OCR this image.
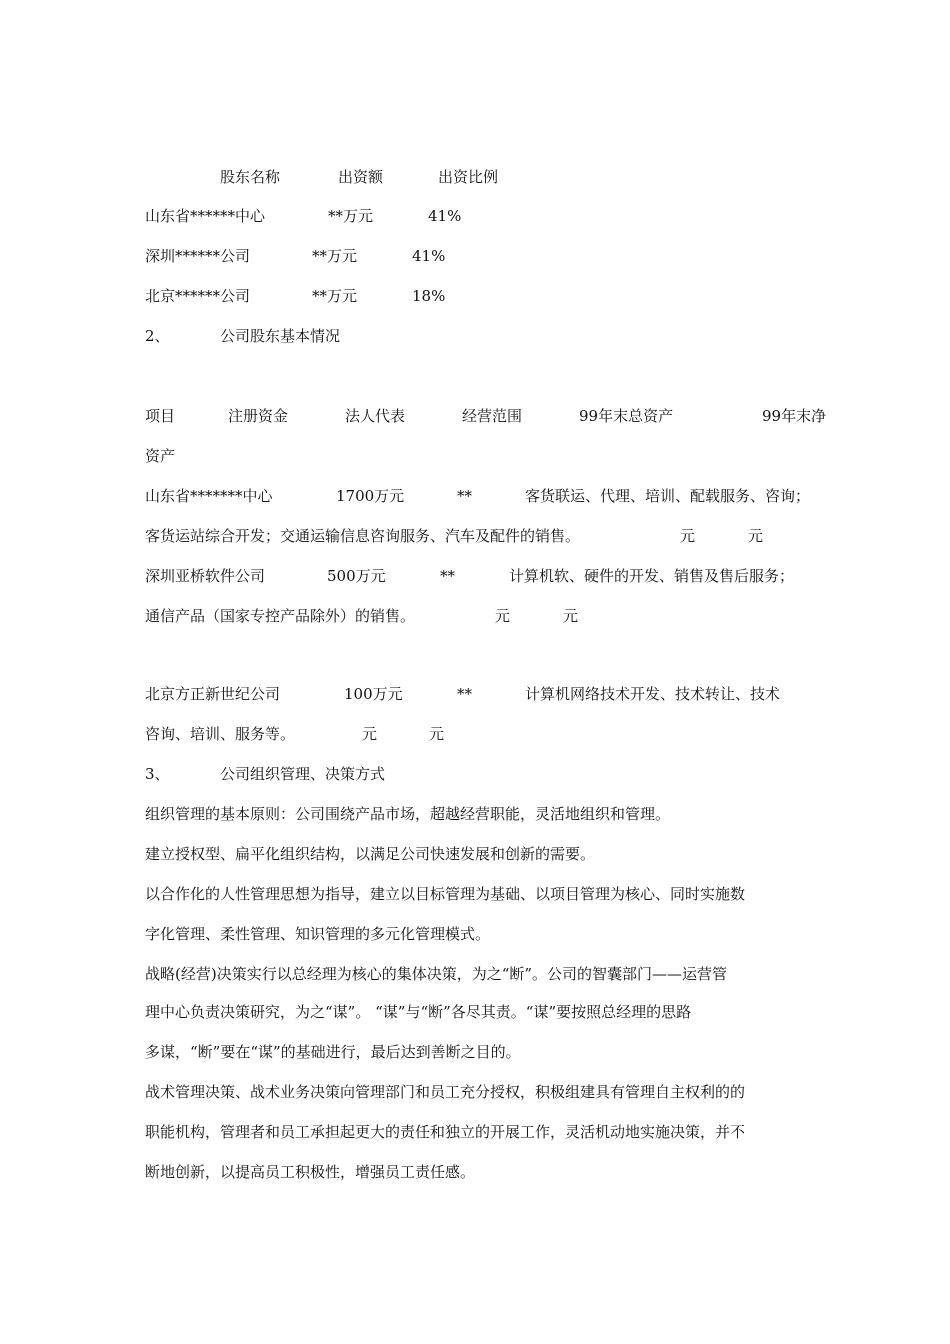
股东名称	出资额	出资比例
山东省******中心	**万元	41%
深圳******公司	**万元	41%
北京******公司	**万元	18%
2、	公司股东基本情况
项目	注册资金	法人代表	经营范围	99年末总资产	99年末净
资产
山东省*******中心	1700万元	**	客货联运、代理、培训、配载服务、咨询；
客货运站综合开发；交通运输信息咨询服务、汽车及配件的销售。	元	元
深圳亚桥软件公司	500万元	**	计算机软、硬件的开发、销售及售后服务；
通信产品（国家专控产品除外）的销售。	元	元
北京方正新世纪公司	100万元	**	计算机网络技术开发、技术转让、技术
咨询、培训、服务等。	元	元
3、	公司组织管理、决策方式
组织管理的基本原则：公司围绕产品市场，超越经营职能，灵活地组织和管理。
建立授权型、扁平化组织结构，以满足公司快速发展和创新的需要。
以合作化的人性管理思想为指导，建立以目标管理为基础、以项目管理为核心、同时实施数
字化管理、柔性管理、知识管理的多元化管理模式。
战略(经营)决策实行以总经理为核心的集体决策，为之“断”。公司的智囊部门——运营管
理中心负责决策研究，为之“谋”。 “谋”与“断”各尽其责。“谋”要按照总经理的思路
多谋，“断”要在“谋”的基础进行，最后达到善断之目的。
战术管理决策、战术业务决策向管理部门和员工充分授权，积极组建具有管理自主权利的的
职能机构，管理者和员工承担起更大的责任和独立的开展工作，灵活机动地实施决策，并不
断地创新，以提高员工积极性，增强员工责任感。
